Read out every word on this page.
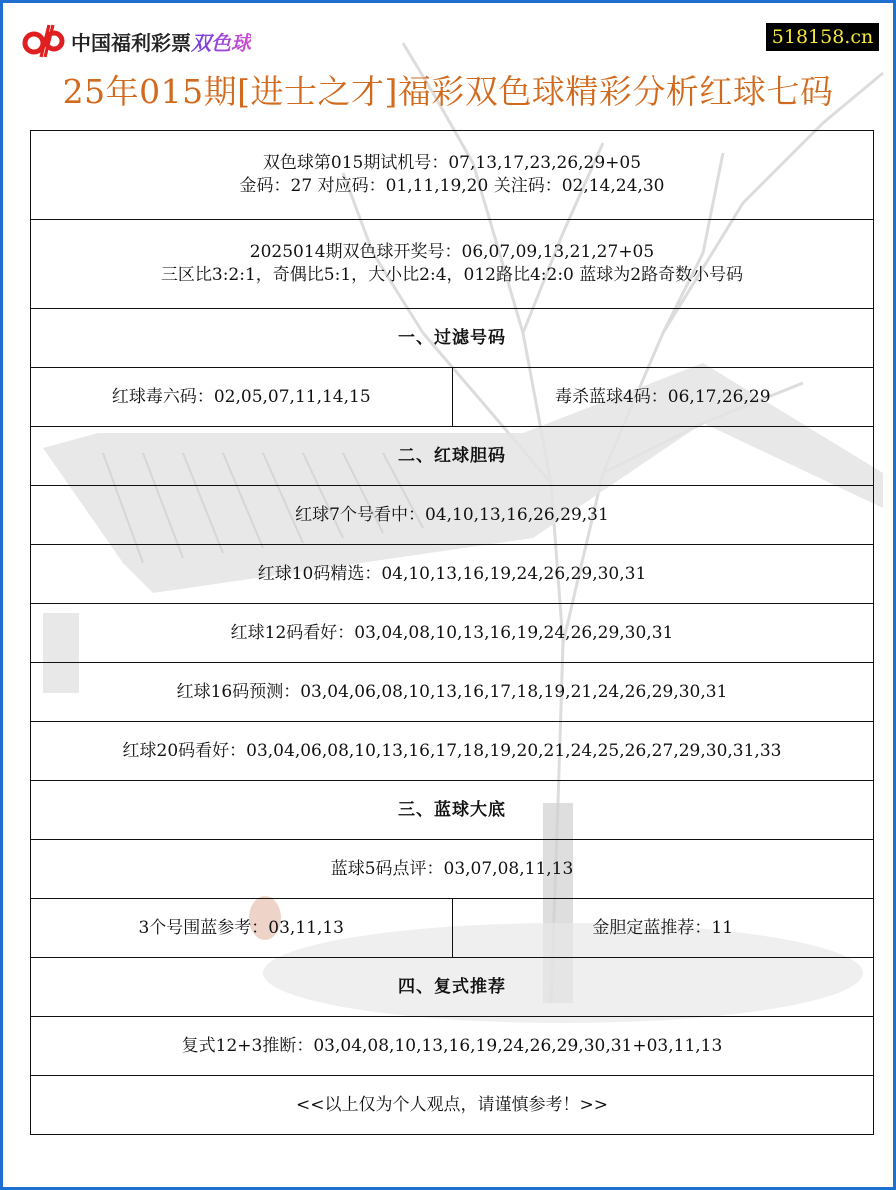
中国福利彩票 双色球	518158.cn
25年015期[进士之才]福彩双色球精彩分析红球七码
双色球第015期试机号：07,13,17,23,26,29+05
金码：27 对应码：01,11,19,20 关注码：02,14,24,30	

2025014期双色球开奖号：06,07,09,13,21,27+05
三区比3:2:1，奇偶比5:1，大小比2:4，012路比4:2:0 蓝球为2路奇数小号码	

一、过滤号码	
红球毒六码：02,05,07,11,14,15	毒杀蓝球4码：06,17,26,29
二、红球胆码	
红球7个号看中：04,10,13,16,26,29,31	
红球10码精选：04,10,13,16,19,24,26,29,30,31	
红球12码看好：03,04,08,10,13,16,19,24,26,29,30,31	
红球16码预测：03,04,06,08,10,13,16,17,18,19,21,24,26,29,30,31	
红球20码看好：03,04,06,08,10,13,16,17,18,19,20,21,24,25,26,27,29,30,31,33	
三、蓝球大底	
蓝球5码点评：03,07,08,11,13	
3个号围蓝参考：03,11,13	金胆定蓝推荐：11
四、复式推荐	
复式12+3推断：03,04,08,10,13,16,19,24,26,29,30,31+03,11,13	
<<以上仅为个人观点，请谨慎参考！>>	
